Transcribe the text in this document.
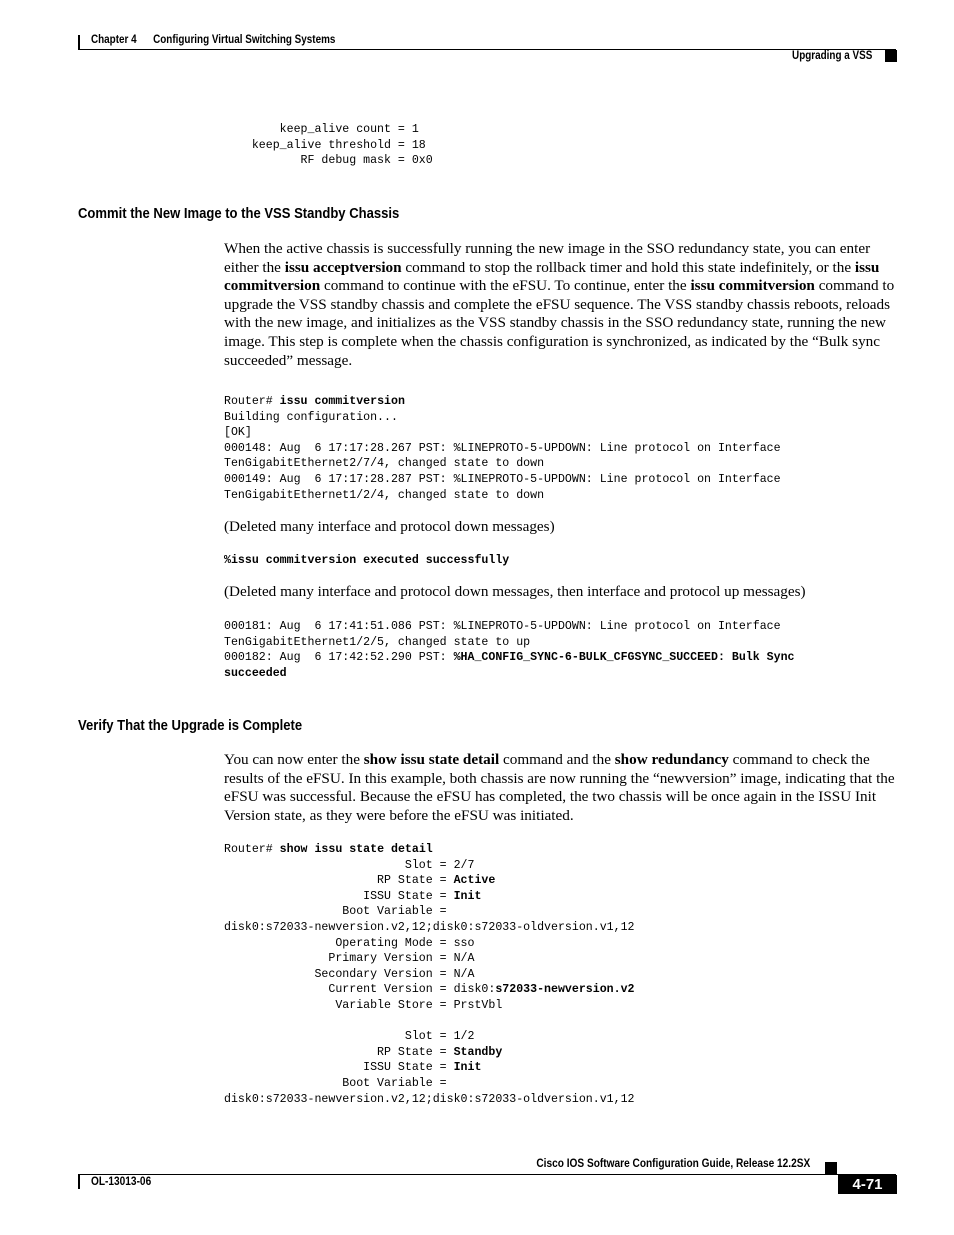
Chapter 4      Configuring Virtual Switching Systems
Upgrading a VSS
keep_alive count = 1
keep_alive threshold = 18
RF debug mask = 0x0
Commit the New Image to the VSS Standby Chassis

When the active chassis is successfully running the new image in the SSO redundancy state, you can enter either the issu acceptversion command to stop the rollback timer and hold this state indefinitely, or the issu commitversion command to continue with the eFSU. To continue, enter the issu commitversion command to upgrade the VSS standby chassis and complete the eFSU sequence. The VSS standby chassis reboots, reloads with the new image, and initializes as the VSS standby chassis in the SSO redundancy state, running the new image. This step is complete when the chassis configuration is synchronized, as indicated by the “Bulk sync succeeded” message.

Router# issu commitversion
Building configuration...
[OK]
000148: Aug  6 17:17:28.267 PST: %LINEPROTO-5-UPDOWN: Line protocol on Interface
TenGigabitEthernet2/7/4, changed state to down
000149: Aug  6 17:17:28.287 PST: %LINEPROTO-5-UPDOWN: Line protocol on Interface
TenGigabitEthernet1/2/4, changed state to down

(Deleted many interface and protocol down messages)

%issu commitversion executed successfully

(Deleted many interface and protocol down messages, then interface and protocol up messages)

000181: Aug  6 17:41:51.086 PST: %LINEPROTO-5-UPDOWN: Line protocol on Interface
TenGigabitEthernet1/2/5, changed state to up
000182: Aug  6 17:42:52.290 PST: %HA_CONFIG_SYNC-6-BULK_CFGSYNC_SUCCEED: Bulk Sync
succeeded
Verify That the Upgrade is Complete

You can now enter the show issu state detail command and the show redundancy command to check the results of the eFSU. In this example, both chassis are now running the “newversion” image, indicating that the eFSU was successful. Because the eFSU has completed, the two chassis will be once again in the ISSU Init Version state, as they were before the eFSU was initiated.

Router# show issu state detail
Slot = 2/7
RP State = Active
ISSU State = Init
Boot Variable =
disk0:s72033-newversion.v2,12;disk0:s72033-oldversion.v1,12
Operating Mode = sso
Primary Version = N/A
Secondary Version = N/A
Current Version = disk0:s72033-newversion.v2
Variable Store = PrstVbl

Slot = 1/2
RP State = Standby
ISSU State = Init
Boot Variable =
disk0:s72033-newversion.v2,12;disk0:s72033-oldversion.v1,12
Cisco IOS Software Configuration Guide, Release 12.2SX
OL-13013-06	4-71
